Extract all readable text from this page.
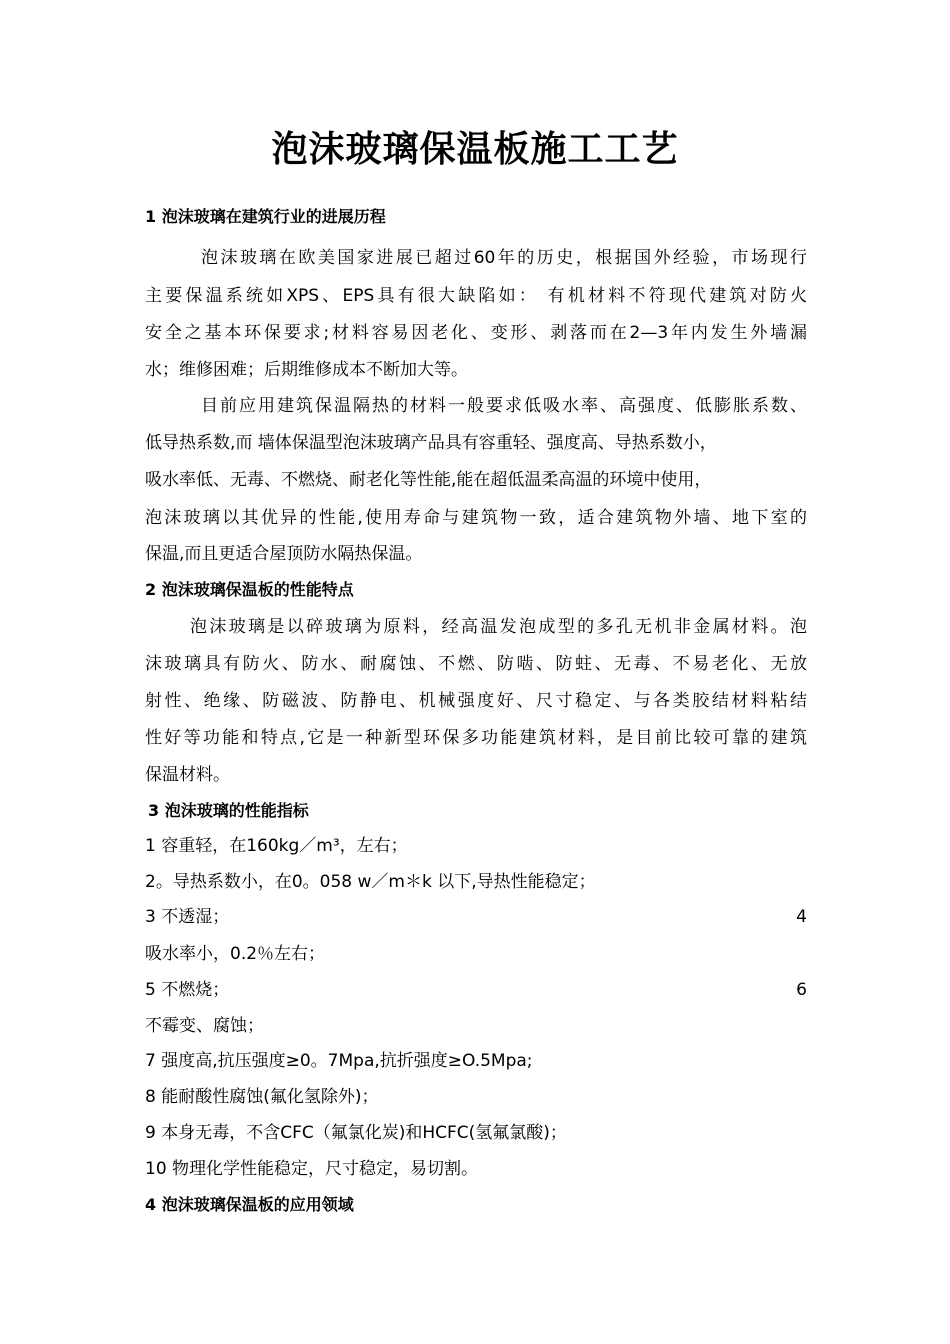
泡沫玻璃保温板施工工艺

1 泡沫玻璃在建筑行业的进展历程

泡沫玻璃在欧美国家进展已超过60年的历史，根据国外经验，市场现行

主要保温系统如XPS、EPS具有很大缺陷如： 有机材料不符现代建筑对防火

安全之基本环保要求;材料容易因老化、变形、剥落而在2—3年内发生外墙漏

水；维修困难；后期维修成本不断加大等。

目前应用建筑保温隔热的材料一般要求低吸水率、高强度、低膨胀系数、

低导热系数,而 墙体保温型泡沫玻璃产品具有容重轻、强度高、导热系数小，

吸水率低、无毒、不燃烧、耐老化等性能,能在超低温柔高温的环境中使用，

泡沫玻璃以其优异的性能,使用寿命与建筑物一致，适合建筑物外墙、地下室的

保温,而且更适合屋顶防水隔热保温。

2 泡沫玻璃保温板的性能特点

泡沫玻璃是以碎玻璃为原料，经高温发泡成型的多孔无机非金属材料。泡

沫玻璃具有防火、防水、耐腐蚀、不燃、防啮、防蛀、无毒、不易老化、无放

射性、绝缘、防磁波、防静电、机械强度好、尺寸稳定、与各类胶结材料粘结

性好等功能和特点,它是一种新型环保多功能建筑材料，是目前比较可靠的建筑

保温材料。

3 泡沫玻璃的性能指标

1 容重轻，在160kg／m³，左右；

2。导热系数小，在0。058 w／m＊k 以下,导热性能稳定；

3 不透湿；	4

吸水率小，0.2％左右；

5 不燃烧；	6

不霉变、腐蚀；

7 强度高,抗压强度≥0。7Mpa,抗折强度≥O.5Mpa;

8 能耐酸性腐蚀(氟化氢除外)；

9 本身无毒，不含CFC（氟氯化炭)和HCFC(氢氟氯酸)；

10 物理化学性能稳定，尺寸稳定，易切割。

4 泡沫玻璃保温板的应用领域
